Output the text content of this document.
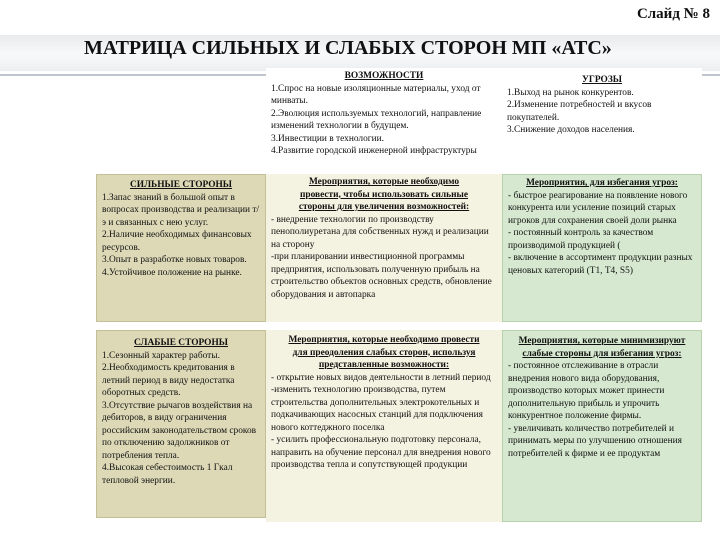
Слайд № 8
МАТРИЦА СИЛЬНЫХ И СЛАБЫХ СТОРОН МП «АТС»
ВОЗМОЖНОСТИ
1.Спрос на новые изоляционные материалы, уход от минваты.
2.Эволюция используемых технологий, направление изменений технологии в будущем.
3.Инвестиции в технологии.
4.Развитие городской инженерной инфраструктуры
УГРОЗЫ
1.Выход на рынок конкурентов.
2.Изменение потребностей и вкусов покупателей.
3.Снижение доходов населения.
СИЛЬНЫЕ СТОРОНЫ
1.Запас знаний в большой опыт в вопросах производства и реализации т/э и связанных с нею услуг.
2.Наличие необходимых финансовых ресурсов.
3.Опыт в разработке новых товаров.
4.Устойчивое положение на рынке.
Мероприятия, которые необходимо
провести, чтобы использовать сильные
стороны для увеличения возможностей:
- внедрение технологии по производству пенополиуретана для собственных нужд и реализации на сторону
-при планировании инвестиционной программы предприятия, использовать полученную прибыль на строительство объектов основных средств, обновление оборудования и автопарка
Мероприятия, для избегания угроз:
- быстрое реагирование на появление нового конкурента или усиление позиций старых игроков для сохранения своей доли рынка
- постоянный контроль за качеством производимой продукцией (
- включение в ассортимент продукции разных ценовых категорий (Т1, Т4, S5)
СЛАБЫЕ СТОРОНЫ
1.Сезонный характер работы.
2.Необходимость кредитования в летний период в виду недостатка оборотных средств.
3.Отсутствие рычагов воздействия на дебиторов, в виду ограничения российским законодательством сроков по отключению задолжников от потребления тепла.
4.Высокая себестоимость 1 Гкал тепловой энергии.
Мероприятия, которые необходимо провести
для преодоления слабых сторон, используя
представленные возможности:
- открытие новых видов деятельности в летний период
-изменить технологию производства, путем строительства дополнительных электрокотельных и подкачивающих насосных станций для подключения нового коттеджного поселка
- усилить профессиональную подготовку персонала, направить на обучение персонал для внедрения нового производства тепла и сопутствующей продукции
Мероприятия, которые минимизируют
слабые стороны для избегания угроз:
- постоянное отслеживание в отрасли внедрения нового вида оборудования, производство которых может принести дополнительную прибыль и упрочить конкурентное положение фирмы.
- увеличивать количество потребителей и принимать меры по улучшению отношения потребителей к фирме и ее продуктам
